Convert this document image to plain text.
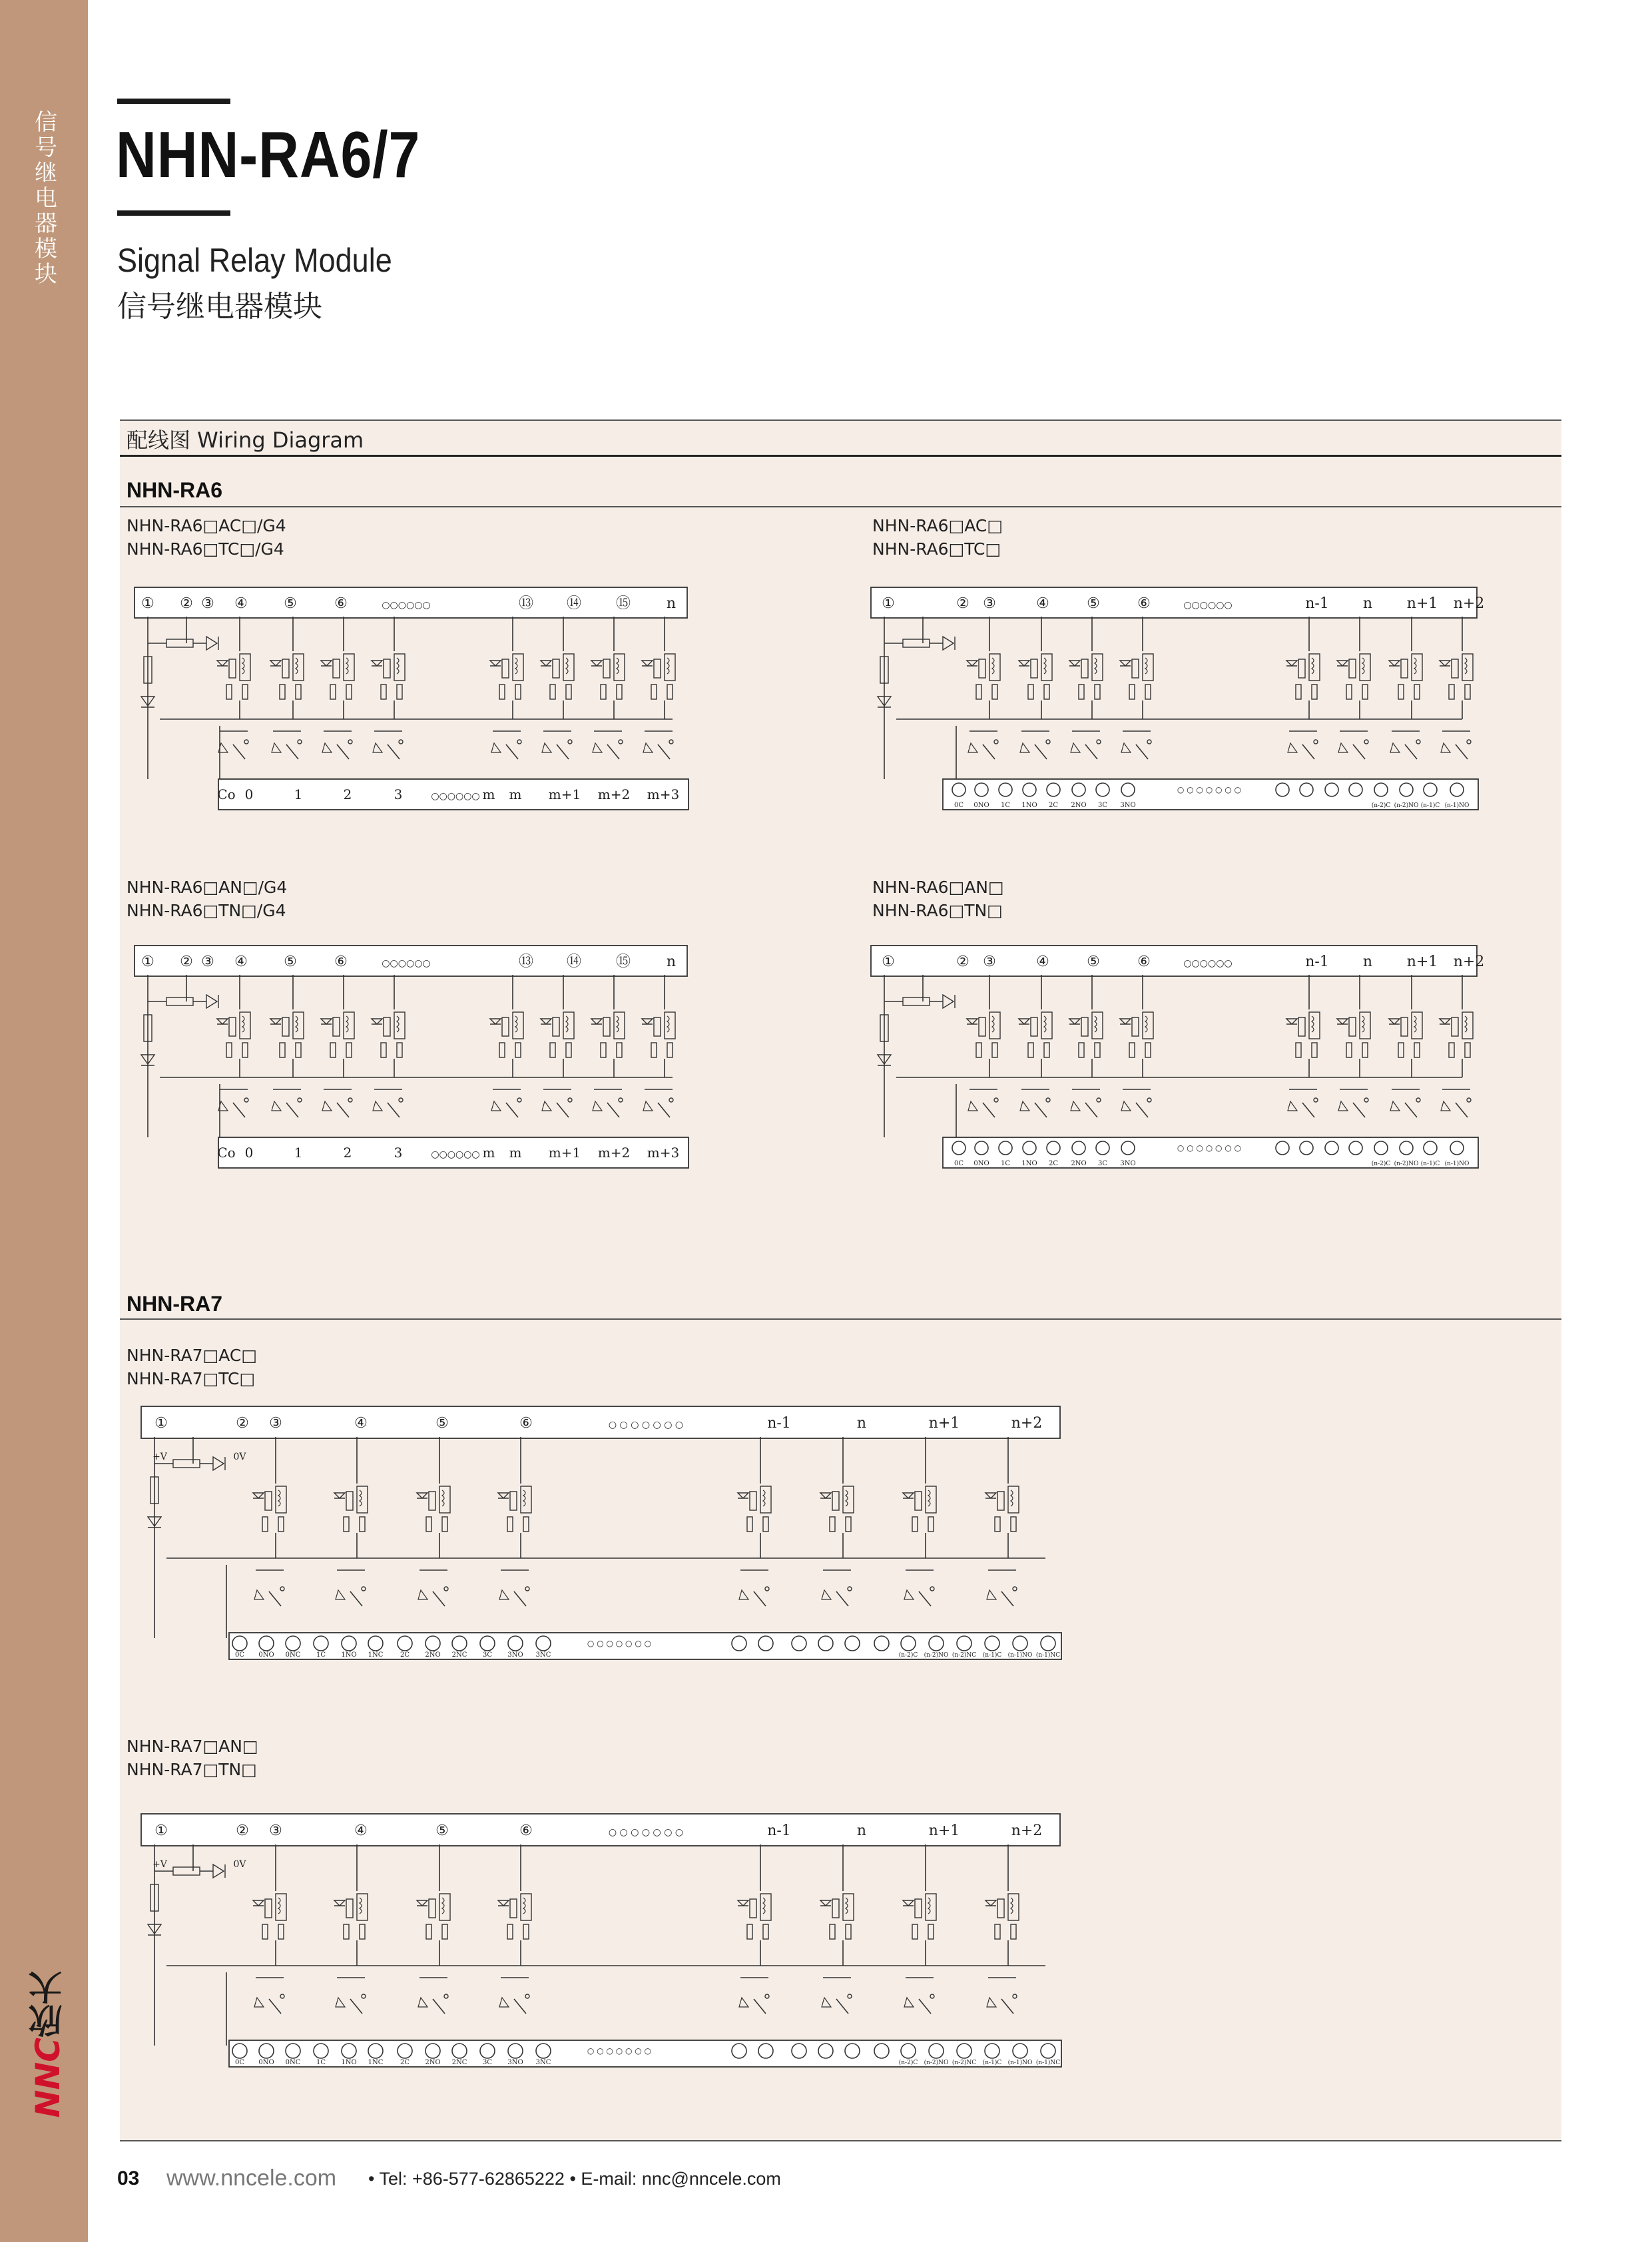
信号继电器模块
NNC欣大
NHN-RA6/7
Signal Relay Module
信号继电器模块
配线图 Wiring Diagram
NHN-RA6
NHN-RA6□AC□/G4
NHN-RA6□TC□/G4
NHN-RA6□AC□
NHN-RA6□TC□
NHN-RA6□AN□/G4
NHN-RA6□TN□/G4
NHN-RA6□AN□
NHN-RA6□TN□
① ② ③ ④ ⑤	⑥	○○○○○○	⑬ ⑭ ⑮ n
Co 0	1	2	3	○○○○○○ m m m+1 m+2 m+3
①	② ③	④	⑤	⑥	○○○○○○	n-1 n n+1 n+2
0C 0NO 1C 1NO 2C 2NO 3C 3NO
○ ○ ○ ○ ○ ○ ○
(n-2)C (n-2)NO (n-1)C (n-1)NO
① ② ③ ④ ⑤	⑥	○○○○○○	⑬ ⑭ ⑮ n
Co 0	1	2	3	○○○○○○ m m m+1 m+2 m+3
①	② ③	④	⑤	⑥	○○○○○○	n-1 n n+1 n+2
0C 0NO 1C 1NO 2C 2NO 3C 3NO
○ ○ ○ ○ ○ ○ ○
(n-2)C (n-2)NO (n-1)C (n-1)NO
NHN-RA7
NHN-RA7□AC□
NHN-RA7□TC□
①	② ③	④	⑤	⑥	○ ○ ○ ○ ○ ○ ○	n-1	n	n+1	n+2
+V	0V
0C 0NO 0NC 1C 1NO 1NC	2C 2NO 2NC 3C 3NO 3NC
○ ○ ○ ○ ○ ○ ○
(n-2)C (n-2)NO (n-2)NC (n-1)C (n-1)NO (n-1)NC
NHN-RA7□AN□
NHN-RA7□TN□
①	② ③	④	⑤	⑥	○ ○ ○ ○ ○ ○ ○	n-1	n	n+1	n+2
+V	0V
0C 0NO 0NC 1C 1NO 1NC	2C 2NO 2NC 3C 3NO 3NC
○ ○ ○ ○ ○ ○ ○
(n-2)C (n-2)NO (n-2)NC (n-1)C (n-1)NO (n-1)NC
03 www.nncele.com • Tel: +86-577-62865222 • E-mail: nnc@nncele.com
